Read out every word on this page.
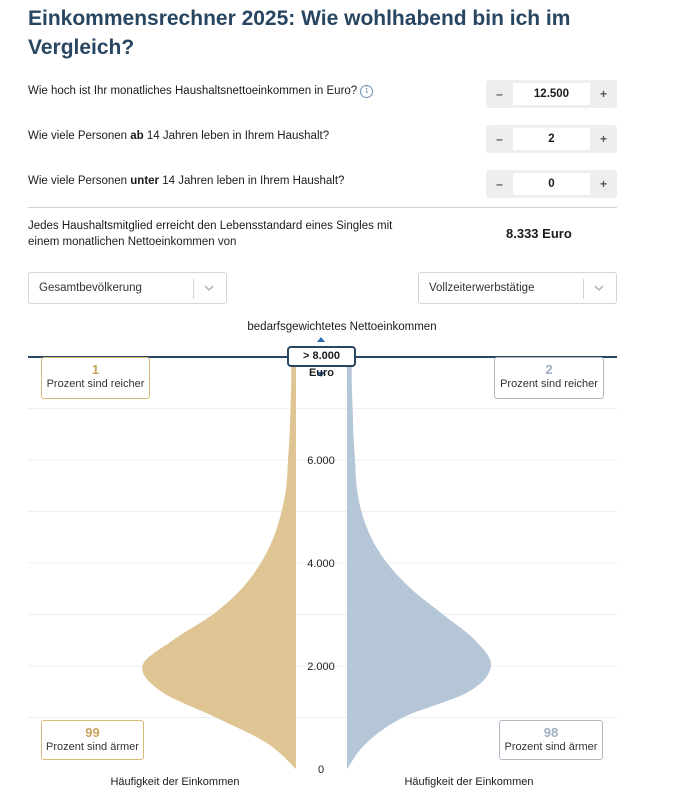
Einkommensrechner 2025: Wie wohlhabend bin ich im Vergleich?
Wie hoch ist Ihr monatliches Haushaltsnettoeinkommen in Euro? i	–	12.500	+
Wie viele Personen ab 14 Jahren leben in Ihrem Haushalt?	–	2	+
Wie viele Personen unter 14 Jahren leben in Ihrem Haushalt?	–	0	+
Jedes Haushaltsmitglied erreicht den Lebensstandard eines Singles mit einem monatlichen Nettoeinkommen von
8.333 Euro
Gesamtbevölkerung	Vollzeiterwerbstätige
bedarfsgewichtetes Nettoeinkommen
0
2.000
4.000
6.000
> 8.000 Euro
1
Prozent sind reicher
2
Prozent sind reicher
99
Prozent sind ärmer
98
Prozent sind ärmer
Häufigkeit der Einkommen	Häufigkeit der Einkommen
